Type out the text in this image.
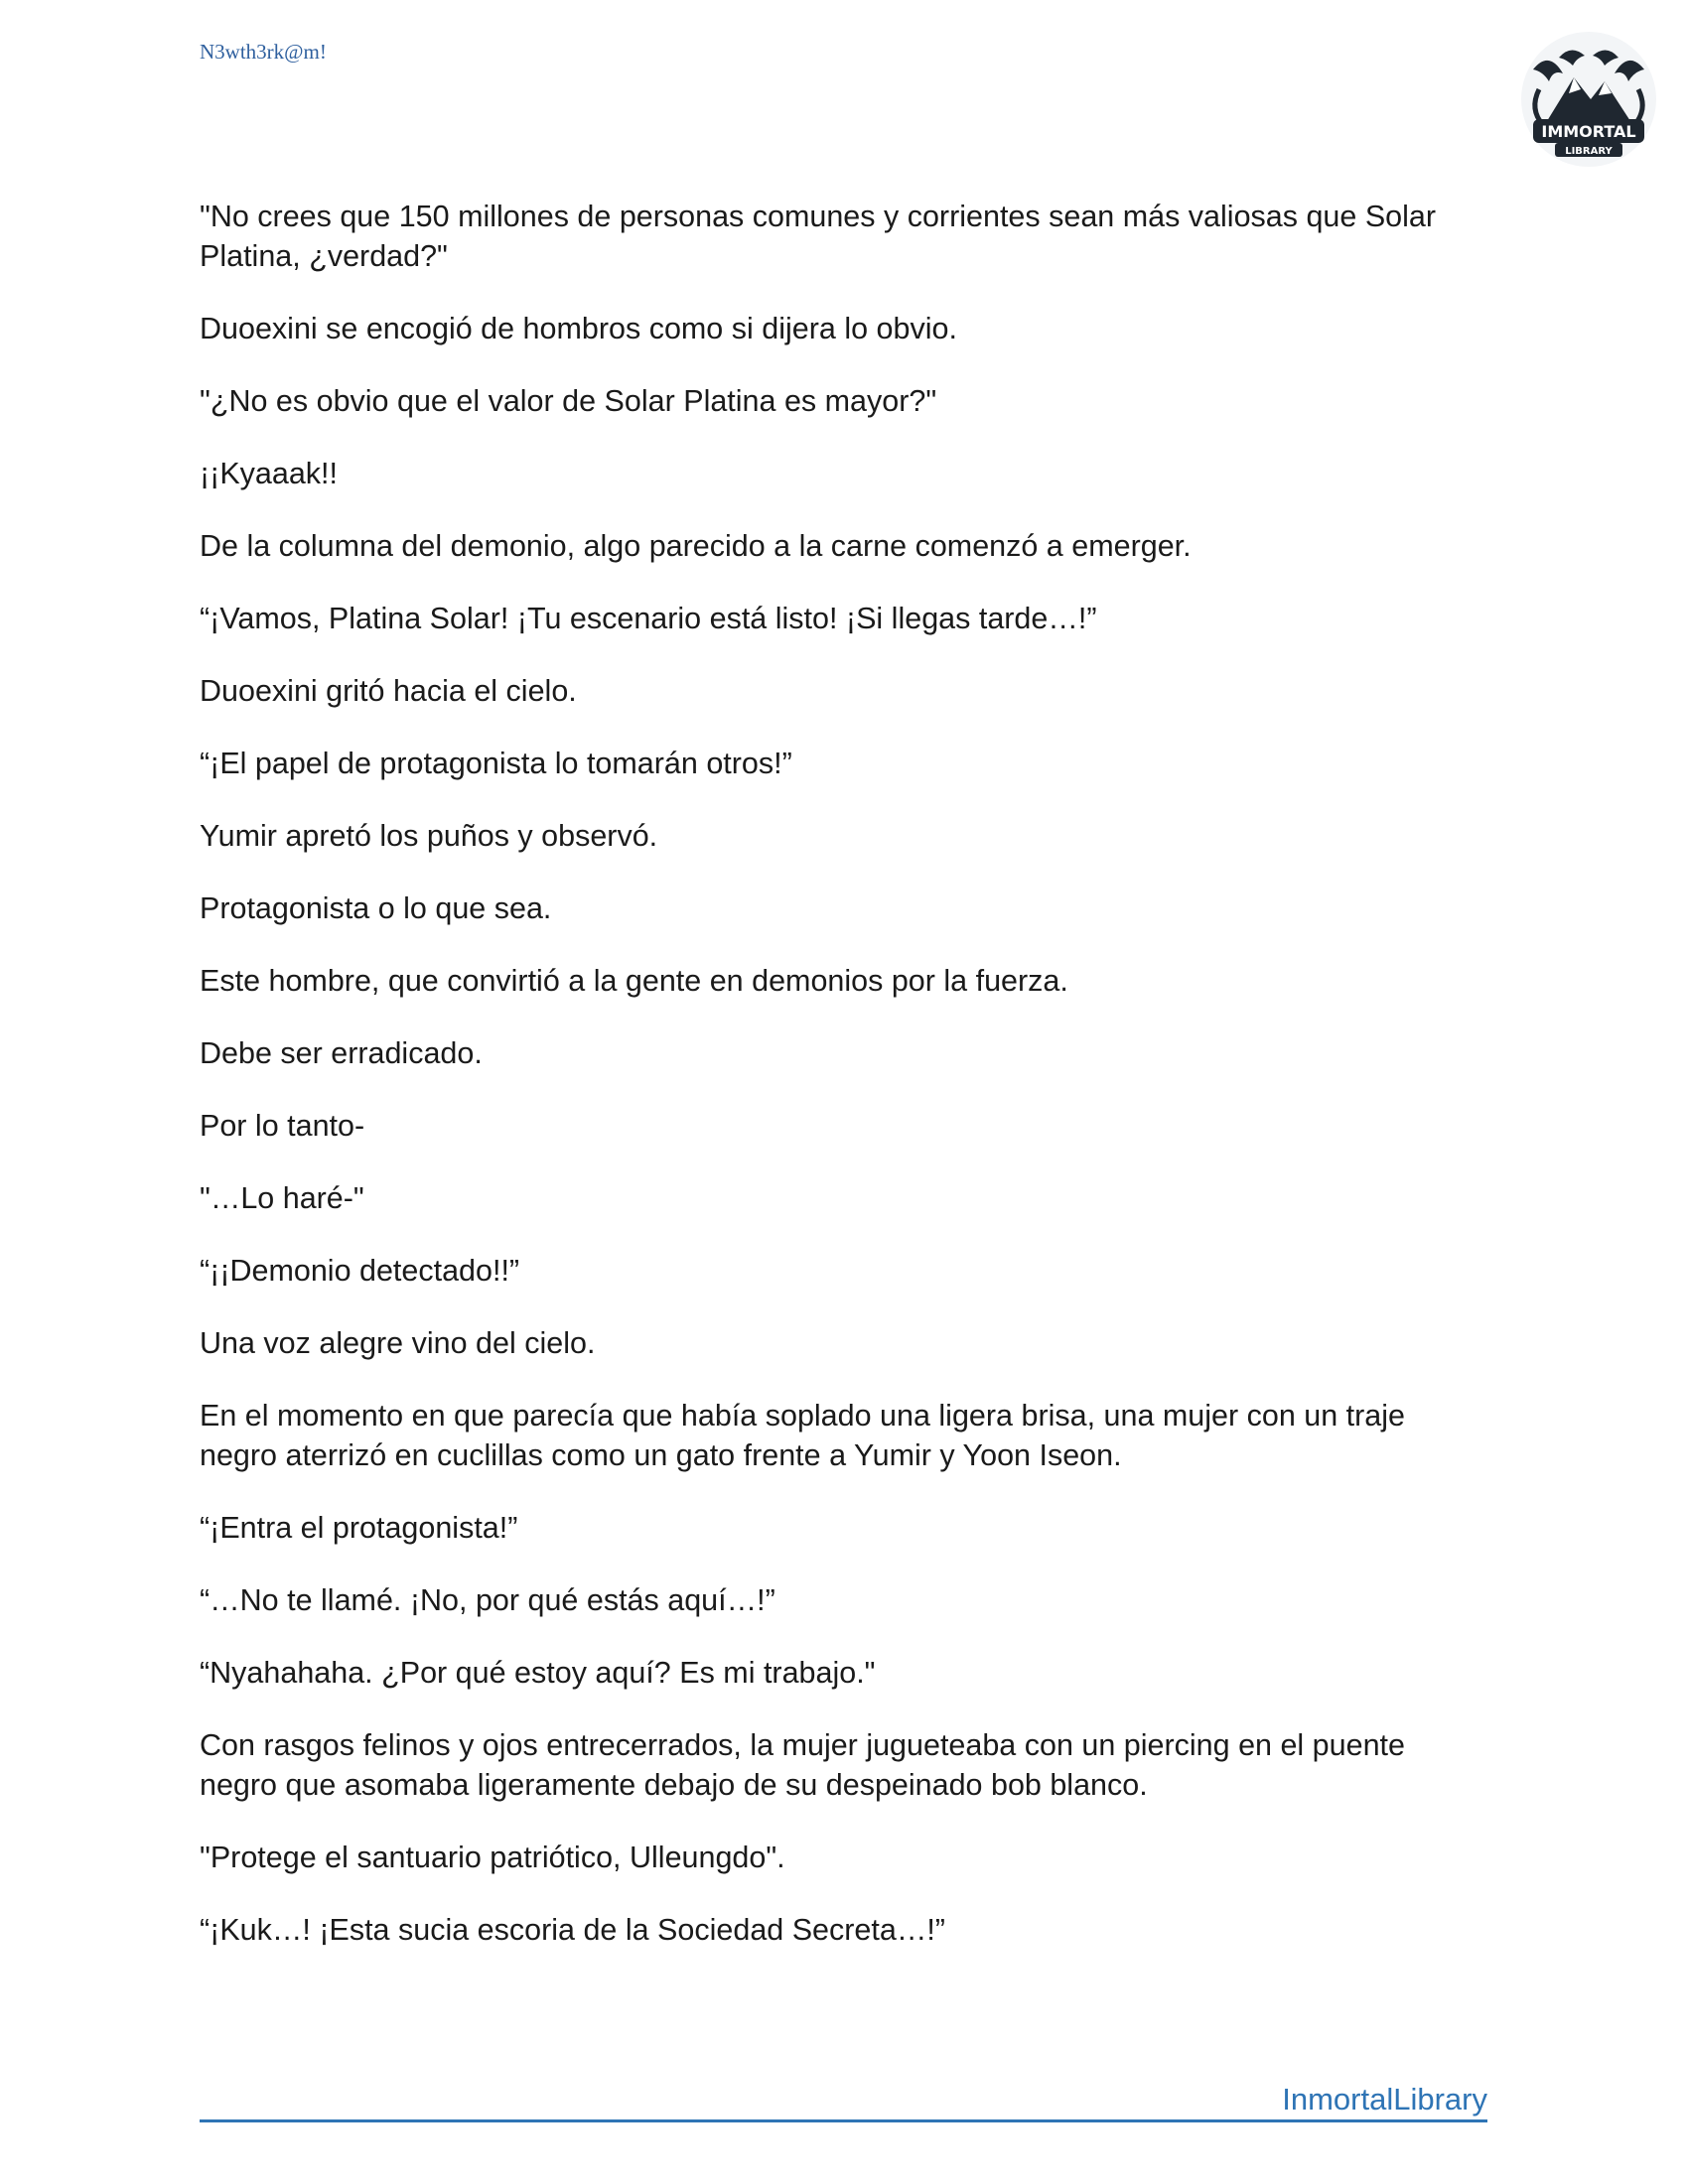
N3wth3rk@m!
IMMORTAL
LIBRARY

"No crees que 150 millones de personas comunes y corrientes sean más valiosas que Solar Platina, ¿verdad?"

Duoexini se encogió de hombros como si dijera lo obvio.

"¿No es obvio que el valor de Solar Platina es mayor?"

¡¡Kyaaak!!

De la columna del demonio, algo parecido a la carne comenzó a emerger.

“¡Vamos, Platina Solar! ¡Tu escenario está listo! ¡Si llegas tarde…!”

Duoexini gritó hacia el cielo.

“¡El papel de protagonista lo tomarán otros!”

Yumir apretó los puños y observó.

Protagonista o lo que sea.

Este hombre, que convirtió a la gente en demonios por la fuerza.

Debe ser erradicado.

Por lo tanto-

"…Lo haré-"

“¡¡Demonio detectado!!”

Una voz alegre vino del cielo.

En el momento en que parecía que había soplado una ligera brisa, una mujer con un traje negro aterrizó en cuclillas como un gato frente a Yumir y Yoon Iseon.

“¡Entra el protagonista!”

“…No te llamé. ¡No, por qué estás aquí…!”

“Nyahahaha. ¿Por qué estoy aquí? Es mi trabajo."

Con rasgos felinos y ojos entrecerrados, la mujer jugueteaba con un piercing en el puente negro que asomaba ligeramente debajo de su despeinado bob blanco.

"Protege el santuario patriótico, Ulleungdo".

“¡Kuk…! ¡Esta sucia escoria de la Sociedad Secreta…!”

InmortalLibrary
